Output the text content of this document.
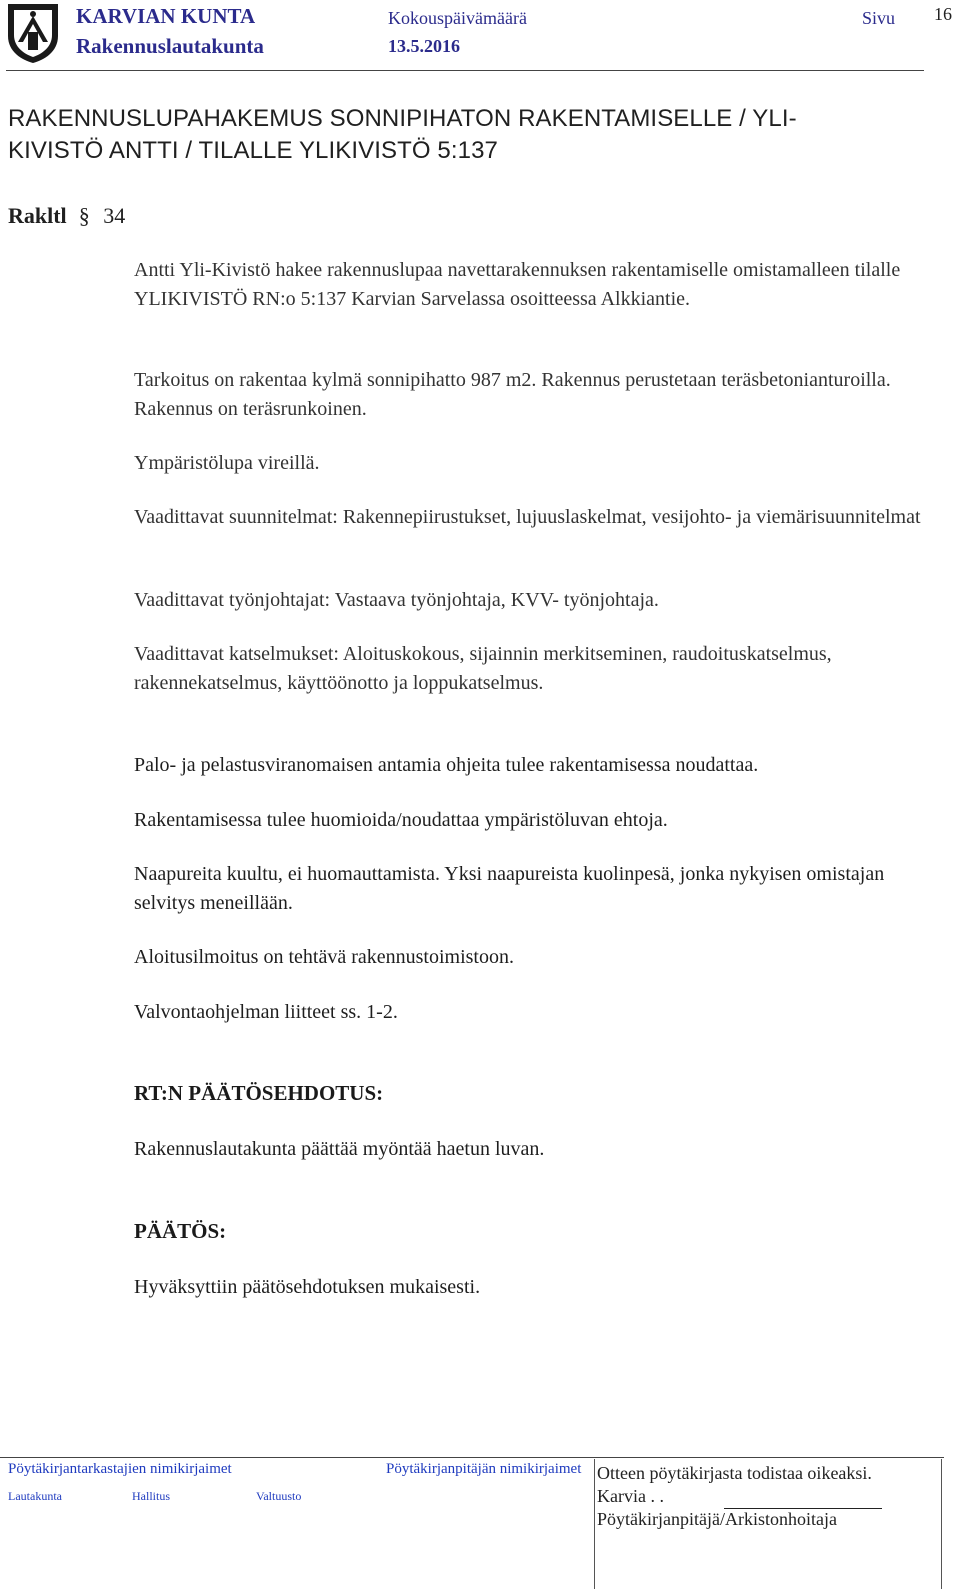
KARVIAN KUNTA
Rakennuslautakunta
Kokouspäivämäärä
13.5.2016
Sivu 16
RAKENNUSLUPAHAKEMUS SONNIPIHATON RAKENTAMISELLE / YLI-
KIVISTÖ ANTTI / TILALLE YLIKIVISTÖ 5:137
Rakltl § 34
Antti Yli-Kivistö hakee rakennuslupaa navettarakennuksen rakentamiselle omistamalleen tilalle YLIKIVISTÖ RN:o 5:137 Karvian Sarvelassa osoitteessa Alkkiantie.
Tarkoitus on rakentaa kylmä sonnipihatto 987 m2. Rakennus perustetaan teräsbetonianturoilla. Rakennus on teräsrunkoinen.
Ympäristölupa vireillä.
Vaadittavat suunnitelmat: Rakennepiirustukset, lujuuslaskelmat, vesijohto- ja viemärisuunnitelmat
Vaadittavat työnjohtajat: Vastaava työnjohtaja, KVV- työnjohtaja.
Vaadittavat katselmukset: Aloituskokous, sijainnin merkitseminen, raudoituskatselmus, rakennekatselmus, käyttöönotto ja loppukatselmus.
Palo- ja pelastusviranomaisen antamia ohjeita tulee rakentamisessa noudattaa.
Rakentamisessa tulee huomioida/noudattaa ympäristöluvan ehtoja.
Naapureita kuultu, ei huomauttamista. Yksi naapureista kuolinpesä, jonka nykyisen omistajan selvitys meneillään.
Aloitusilmoitus on tehtävä rakennustoimistoon.
Valvontaohjelman liitteet ss. 1-2.
RT:N PÄÄTÖSEHDOTUS:
Rakennuslautakunta päättää myöntää haetun luvan.
PÄÄTÖS:
Hyväksyttiin päätösehdotuksen mukaisesti.
Pöytäkirjantarkastajien nimikirjaimet	Pöytäkirjanpitäjän nimikirjaimet
Lautakunta	Hallitus	Valtuusto
Otteen pöytäkirjasta todistaa oikeaksi.
Karvia . .
Pöytäkirjanpitäjä/Arkistonhoitaja
